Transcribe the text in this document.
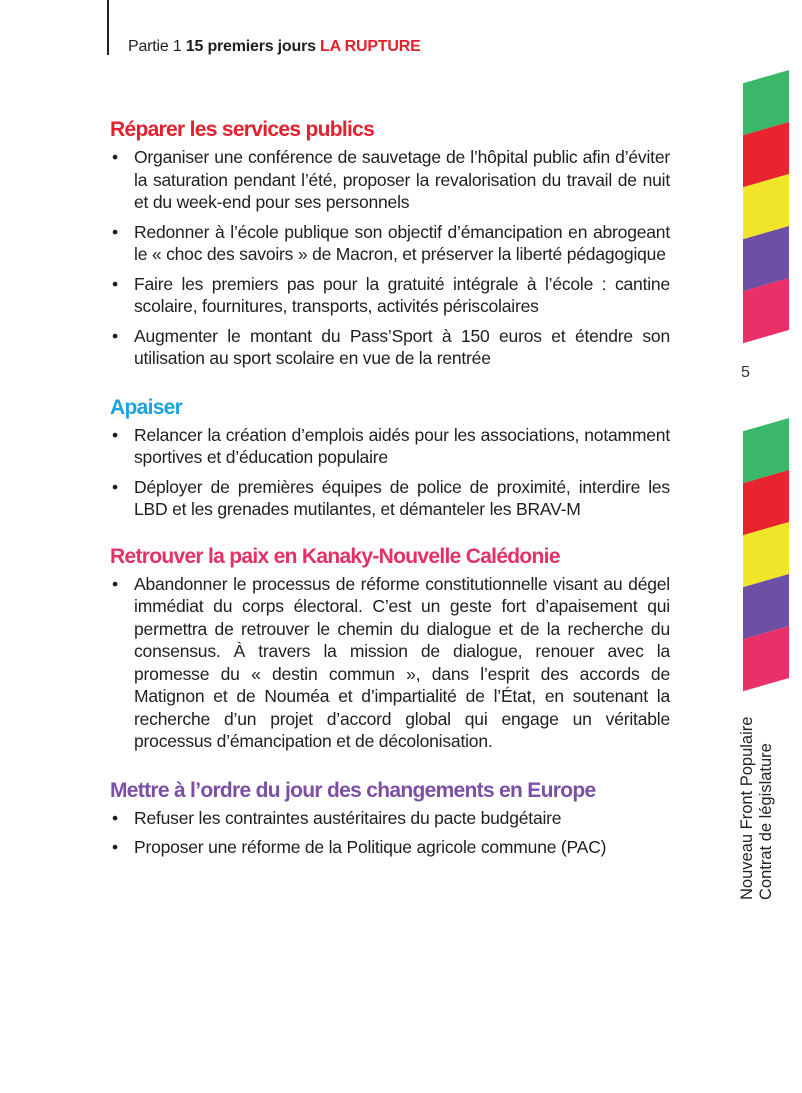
Partie 1 15 premiers jours LA RUPTURE
Réparer les services publics
• Organiser une conférence de sauvetage de l’hôpital public afin d’éviter la saturation pendant l’été, proposer la revalorisation du travail de nuit et du week-end pour ses personnels
• Redonner à l’école publique son objectif d’émancipation en abrogeant le « choc des savoirs » de Macron, et préserver la liberté pédagogique
• Faire les premiers pas pour la gratuité intégrale à l’école : cantine scolaire, fournitures, transports, activités périscolaires
• Augmenter le montant du Pass’Sport à 150 euros et étendre son utilisation au sport scolaire en vue de la rentrée
Apaiser
• Relancer la création d’emplois aidés pour les associations, notamment sportives et d’éducation populaire
• Déployer de premières équipes de police de proximité, interdire les LBD et les grenades mutilantes, et démanteler les BRAV-M
Retrouver la paix en Kanaky-Nouvelle Calédonie
• Abandonner le processus de réforme constitutionnelle visant au dégel immédiat du corps électoral. C’est un geste fort d’apaisement qui permettra de retrouver le chemin du dialogue et de la recherche du consensus. À travers la mission de dialogue, renouer avec la promesse du « destin commun », dans l’esprit des accords de Matignon et de Nouméa et d’impartialité de l’État, en soutenant la recherche d’un projet d’accord global qui engage un véritable processus d’émancipation et de décolonisation.
Mettre à l’ordre du jour des changements en Europe
• Refuser les contraintes austéritaires du pacte budgétaire
• Proposer une réforme de la Politique agricole commune (PAC)
5
Nouveau Front Populaire Contrat de législature
